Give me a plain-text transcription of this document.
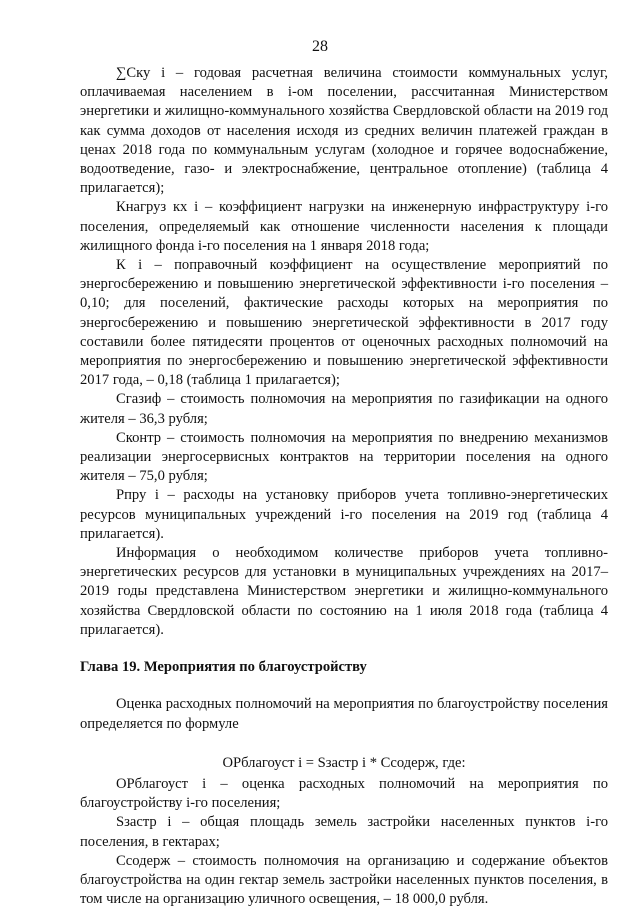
28

∑Cку i – годовая расчетная величина стоимости коммунальных услуг, оплачиваемая населением в i-ом поселении, рассчитанная Министерством энергетики и жилищно-коммунального хозяйства Свердловской области на 2019 год как сумма доходов от населения исходя из средних величин платежей граждан в ценах 2018 года по коммунальным услугам (холодное и горячее водоснабжение, водоотведение, газо- и электроснабжение, центральное отопление) (таблица 4 прилагается);

Кнагруз кх i – коэффициент нагрузки на инженерную инфраструктуру i-го поселения, определяемый как отношение численности населения к площади жилищного фонда i-го поселения на 1 января 2018 года;

К i – поправочный коэффициент на осуществление мероприятий по энергосбережению и повышению энергетической эффективности i-го поселения – 0,10; для поселений, фактические расходы которых на мероприятия по энергосбережению и повышению энергетической эффективности в 2017 году составили более пятидесяти процентов от оценочных расходных полномочий на мероприятия по энергосбережению и повышению энергетической эффективности 2017 года, – 0,18 (таблица 1 прилагается);

Сгазиф – стоимость полномочия на мероприятия по газификации на одного жителя – 36,3 рубля;

Сконтр – стоимость полномочия на мероприятия по внедрению механизмов реализации энергосервисных контрактов на территории поселения на одного жителя – 75,0 рубля;

Рпру i – расходы на установку приборов учета топливно-энергетических ресурсов муниципальных учреждений i-го поселения на 2019 год (таблица 4 прилагается).

Информация о необходимом количестве приборов учета топливно-энергетических ресурсов для установки в муниципальных учреждениях на 2017–2019 годы представлена Министерством энергетики и жилищно-коммунального хозяйства Свердловской области по состоянию на 1 июля 2018 года (таблица 4 прилагается).

Глава 19. Мероприятия по благоустройству

Оценка расходных полномочий на мероприятия по благоустройству поселения определяется по формуле

ОРблагоуст i = Sзастр i * Cсодерж, где:

ОРблагоуст i – оценка расходных полномочий на мероприятия по благоустройству i-го поселения;

Sзастр i – общая площадь земель застройки населенных пунктов i-го поселения, в гектарах;

Cсодерж – стоимость полномочия на организацию и содержание объектов благоустройства на один гектар земель застройки населенных пунктов поселения, в том числе на организацию уличного освещения, – 18 000,0 рубля.
